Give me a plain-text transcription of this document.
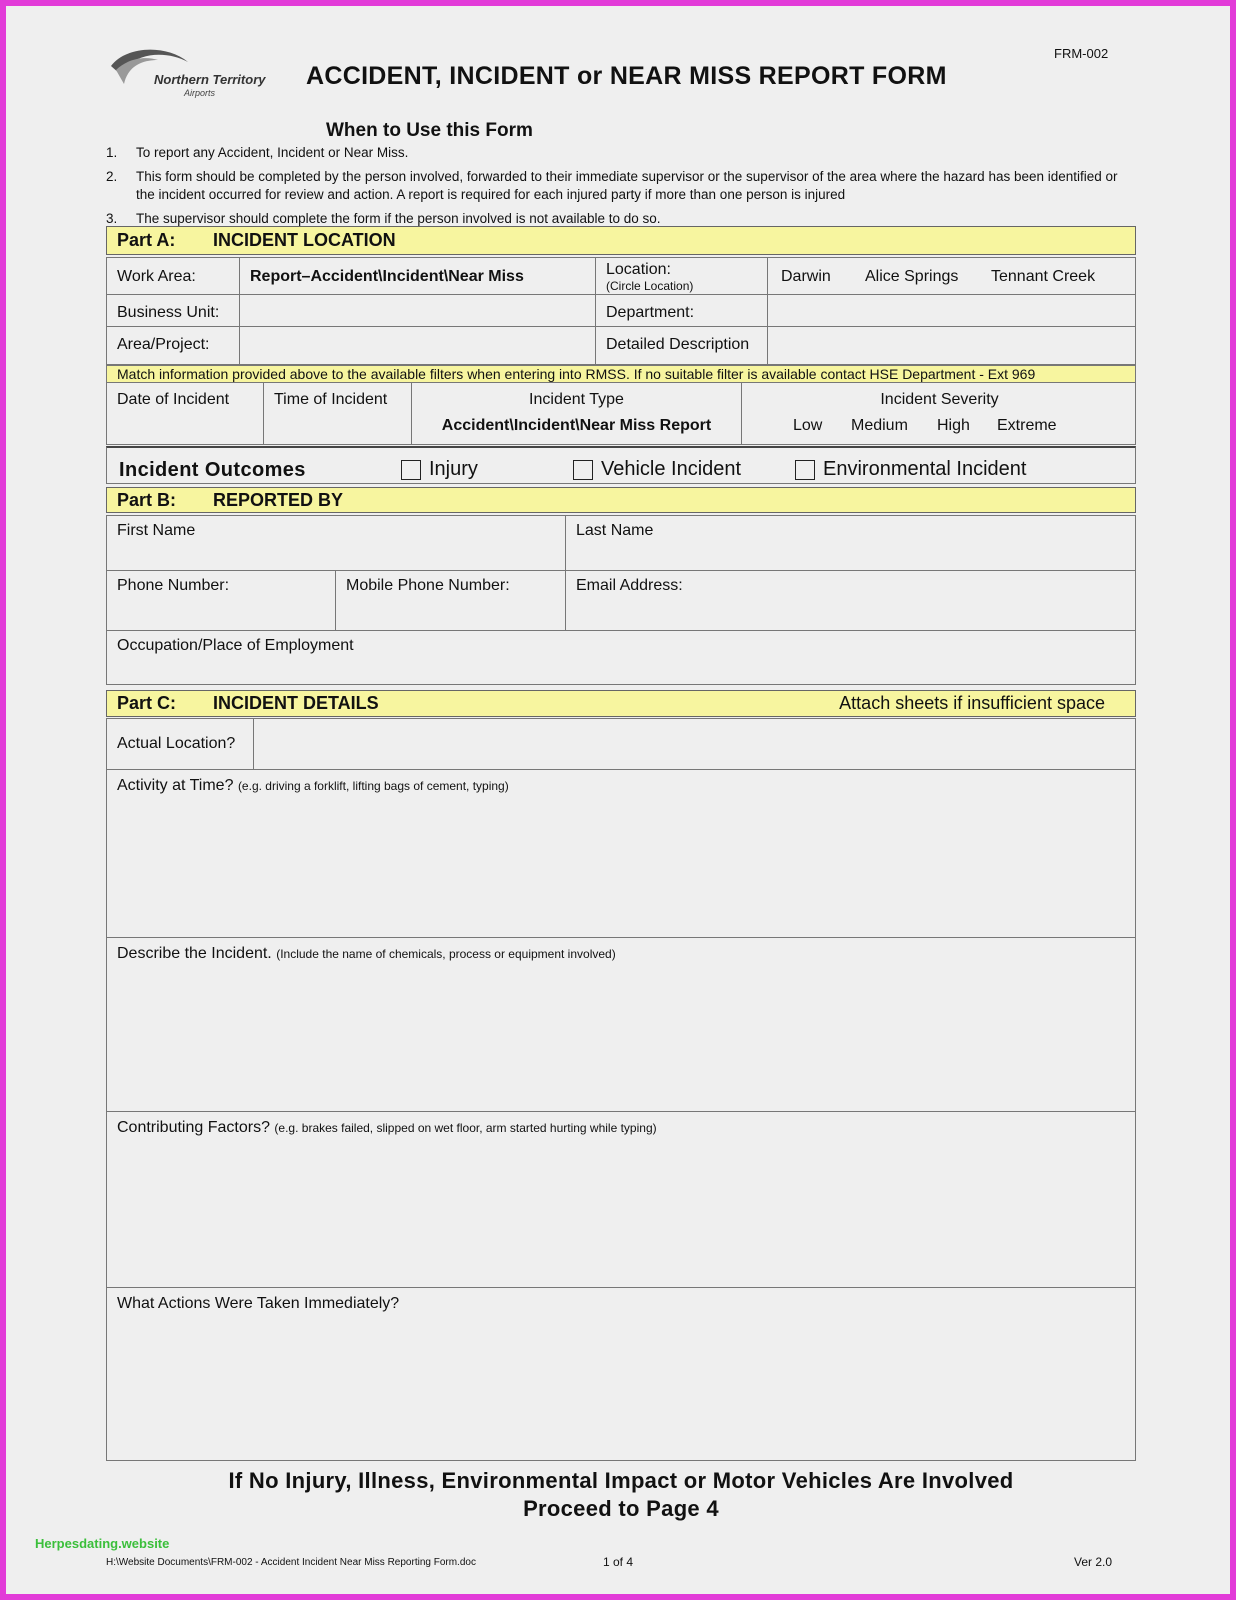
Northern Territory
Airports
ACCIDENT, INCIDENT or NEAR MISS REPORT FORM
FRM-002
When to Use this Form
1.	To report any Accident, Incident or Near Miss.
2.	This form should be completed by the person involved, forwarded to their immediate supervisor or the supervisor of the area where the hazard has been identified or the incident occurred for review and action. A report is required for each injured party if more than one person is injured
3.	The supervisor should complete the form if the person involved is not available to do so.
Part A: INCIDENT LOCATION
Work Area:	Report–Accident\Incident\Near Miss	Location:
(Circle Location)
Darwin	Alice Springs	Tennant Creek
Business Unit:	Department:
Area/Project:	Detailed Description
Match information provided above to the available filters when entering into RMSS. If no suitable filter is available contact HSE Department - Ext 969
Date of Incident	Time of Incident	Incident Type
Accident\Incident\Near Miss Report
Incident Severity
Low	Medium	High	Extreme
Incident Outcomes	Injury	Vehicle Incident	Environmental Incident
Part B: REPORTED BY
First Name	Last Name
Phone Number:	Mobile Phone Number:	Email Address:
Occupation/Place of Employment
Part C: INCIDENT DETAILS	Attach sheets if insufficient space
Actual Location?
Activity at Time? (e.g. driving a forklift, lifting bags of cement, typing)
Describe the Incident. (Include the name of chemicals, process or equipment involved)
Contributing Factors? (e.g. brakes failed, slipped on wet floor, arm started hurting while typing)
What Actions Were Taken Immediately?
If No Injury, Illness, Environmental Impact or Motor Vehicles Are Involved
Proceed to Page 4
H:\Website Documents\FRM-002 - Accident Incident Near Miss Reporting Form.doc	1 of 4	Ver 2.0
Herpesdating.website
